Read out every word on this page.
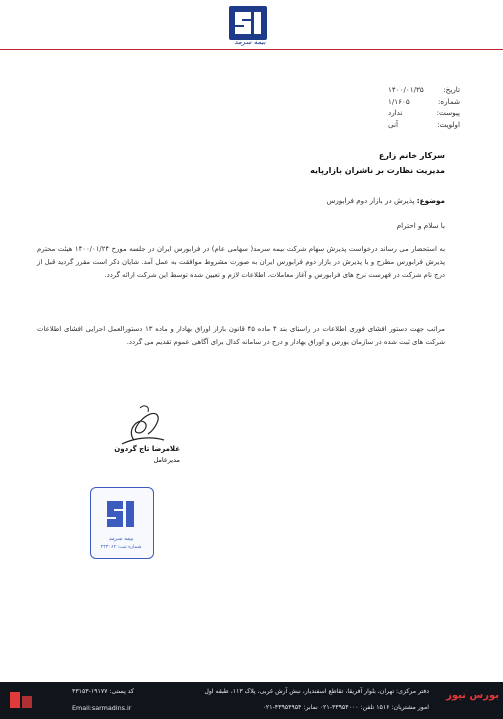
بیمه سرمد
تاریخ:
۱۴۰۰/۰۱/۳۵
شماره:
۱/۱۶۰۵
پیوست:
ندارد
اولویت:
آنی
سرکار خانم زارع
مدیریت نظارت بر ناشران بازارپایه
موضوع: پذیرش در بازار دوم فرابورس
با سلام و احترام
به استحضار می رساند درخواست پذیرش سهام شرکت بیمه سرمد( سهامی عام) در فرابورس ایران در جلسه مورخ ۱۴۰۰/۰۱/۲۴ هیئت محترم پذیرش فرابورس مطرح و با پذیرش در بازار دوم فرابورس ایران به صورت مشروط موافقت به عمل آمد. شایان ذکر است مقرر گردید قبل از درج نام شرکت در فهرست نرخ های فرابورس و آغاز معاملات، اطلاعات لازم و تعیین شده توسط این شرکت ارائه گردد.
مراتب جهت دستور افشای فوری اطلاعات در راستای بند ۴ ماده ۴۵ قانون بازار اوراق بهادار و ماده ۱۳ دستورالعمل اجرایی افشای اطلاعات شرکت های ثبت شده در سازمان بورس و اوراق بهادار و درج در سامانه کدال برای آگاهی عموم تقدیم می گردد.
غلامرضا تاج گردون
مدیرعامل
بیمه سرمد
شماره ثبت: ۴۴۳۰۶۲
بورس نیوز
دفتر مرکزی: تهران، بلوار آفریقا، تقاطع اسفندیار، نبش آرش غربی، پلاک ۱۱۳، طبقه اول
امور مشتریان: ۱۵۱۶ تلفن: ۴۳۹۵۴۰۰۰-۰۲۱ نمابر: ۴۳۹۵۴۹۵۴-۰۲۱
کد پستی: ۱۹۱۷۷-۴۳۱۵۳
Email:sarmadins.ir
